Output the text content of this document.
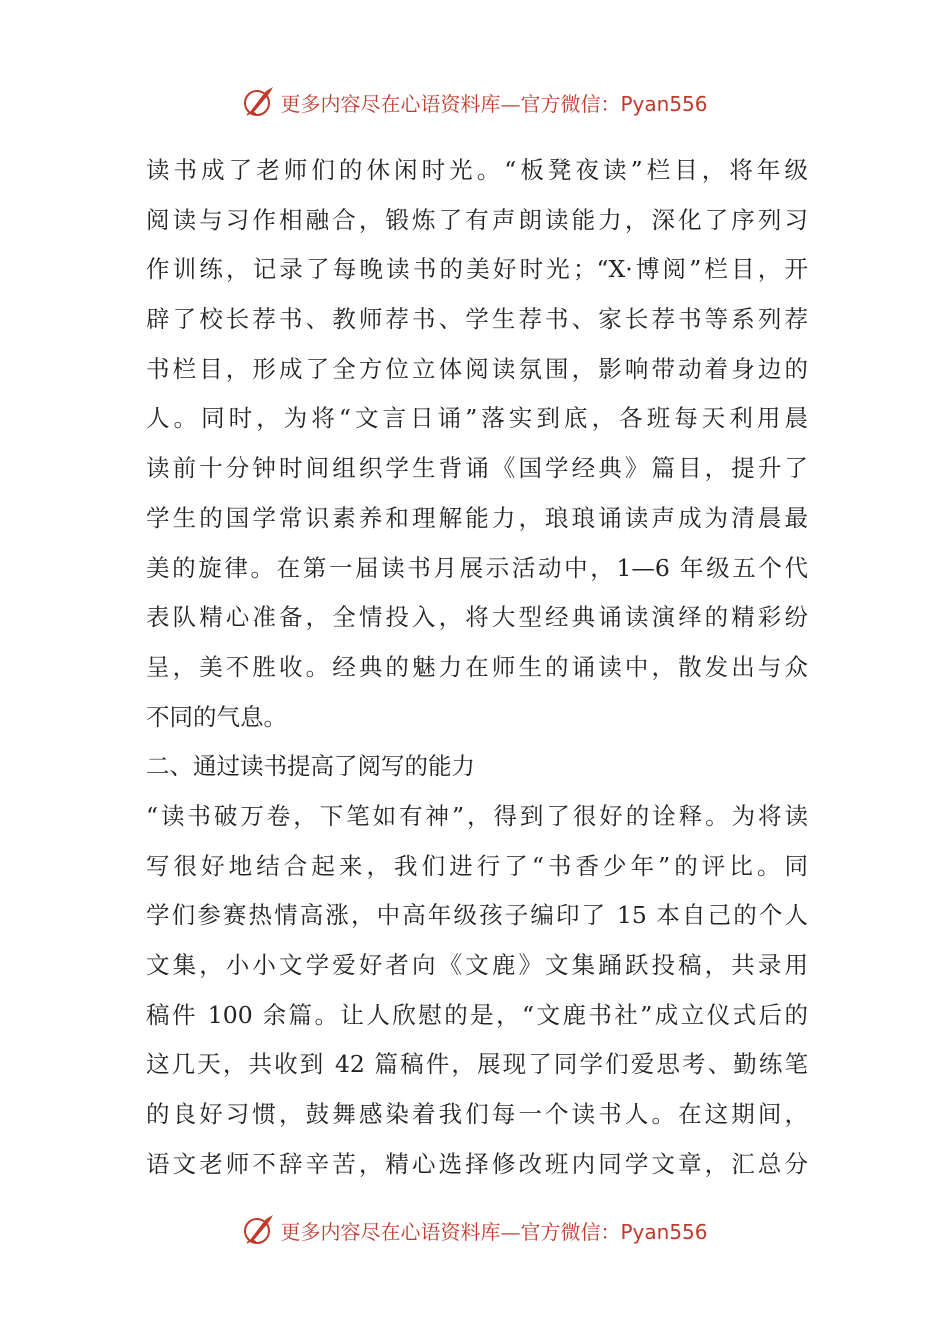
更多内容尽在心语资料库—官方微信：Pyan556
读书成了老师们的休闲时光。“板凳夜读”栏目，将年级
阅读与习作相融合，锻炼了有声朗读能力，深化了序列习
作训练，记录了每晚读书的美好时光；“X·博阅”栏目，开
辟了校长荐书、教师荐书、学生荐书、家长荐书等系列荐
书栏目，形成了全方位立体阅读氛围，影响带动着身边的
人。同时，为将“文言日诵”落实到底，各班每天利用晨
读前十分钟时间组织学生背诵《国学经典》篇目，提升了
学生的国学常识素养和理解能力，琅琅诵读声成为清晨最
美的旋律。在第一届读书月展示活动中，1—6 年级五个代
表队精心准备，全情投入，将大型经典诵读演绎的精彩纷
呈，美不胜收。经典的魅力在师生的诵读中，散发出与众
不同的气息。
二、通过读书提高了阅写的能力
“读书破万卷，下笔如有神”，得到了很好的诠释。为将读
写很好地结合起来，我们进行了“书香少年”的评比。同
学们参赛热情高涨，中高年级孩子编印了 15 本自己的个人
文集，小小文学爱好者向《文鹿》文集踊跃投稿，共录用
稿件 100 余篇。让人欣慰的是，“文鹿书社”成立仪式后的
这几天，共收到 42 篇稿件，展现了同学们爱思考、勤练笔
的良好习惯，鼓舞感染着我们每一个读书人。在这期间，
语文老师不辞辛苦，精心选择修改班内同学文章，汇总分
更多内容尽在心语资料库—官方微信：Pyan556
